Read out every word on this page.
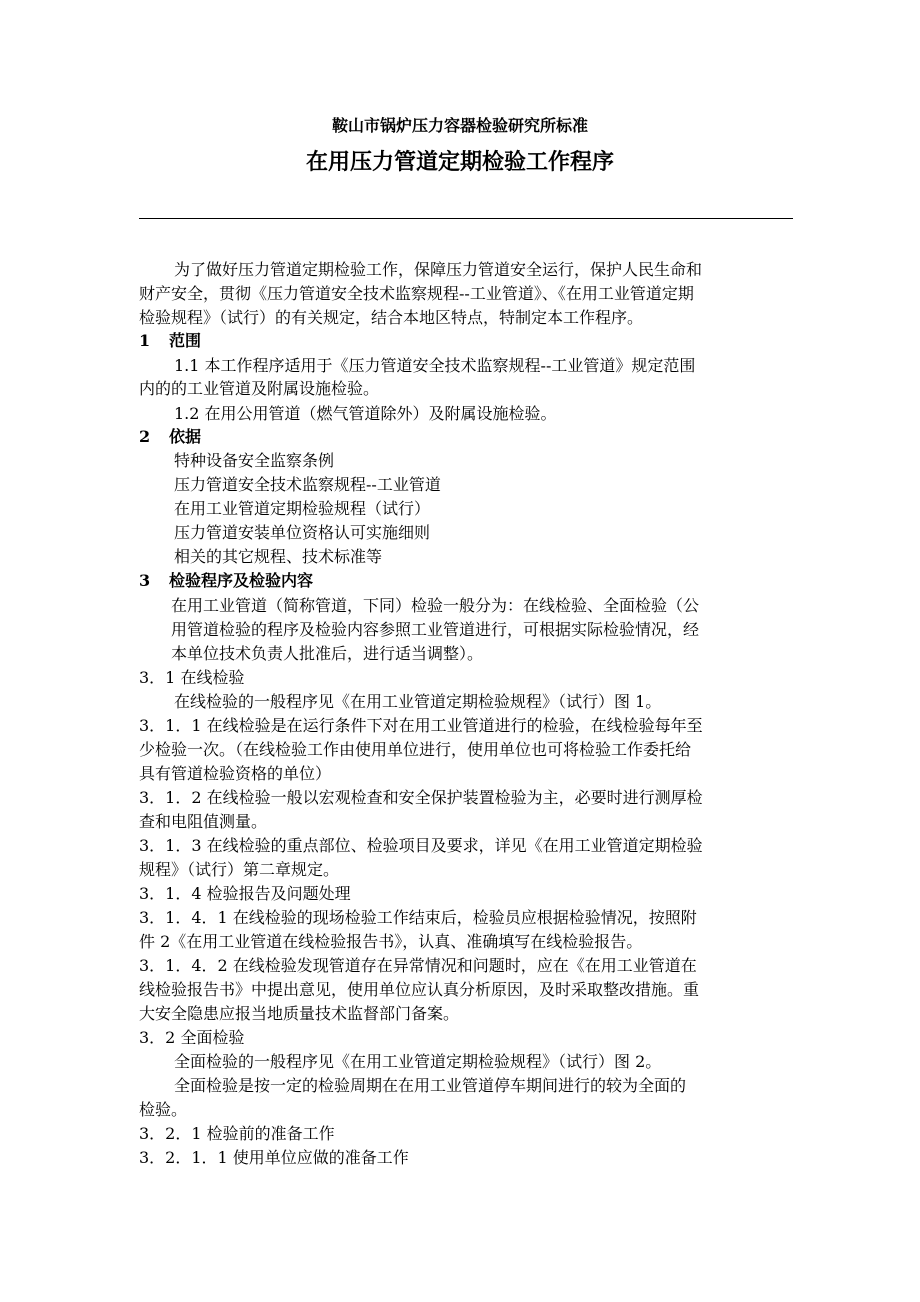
鞍山市锅炉压力容器检验研究所标准
在用压力管道定期检验工作程序
为了做好压力管道定期检验工作，保障压力管道安全运行，保护人民生命和
财产安全，贯彻《压力管道安全技术监察规程--工业管道》、《在用工业管道定期
检验规程》（试行）的有关规定，结合本地区特点，特制定本工作程序。
1 范围
1.1 本工作程序适用于《压力管道安全技术监察规程--工业管道》规定范围
内的的工业管道及附属设施检验。
1.2 在用公用管道（燃气管道除外）及附属设施检验。
2 依据
特种设备安全监察条例
压力管道安全技术监察规程--工业管道
在用工业管道定期检验规程（试行）
压力管道安装单位资格认可实施细则
相关的其它规程、技术标准等
3 检验程序及检验内容
在用工业管道（简称管道，下同）检验一般分为：在线检验、全面检验（公
用管道检验的程序及检验内容参照工业管道进行，可根据实际检验情况，经
本单位技术负责人批准后，进行适当调整）。
3．1 在线检验
在线检验的一般程序见《在用工业管道定期检验规程》（试行）图 1。
3．1．1 在线检验是在运行条件下对在用工业管道进行的检验，在线检验每年至
少检验一次。（在线检验工作由使用单位进行，使用单位也可将检验工作委托给
具有管道检验资格的单位）
3．1．2 在线检验一般以宏观检查和安全保护装置检验为主，必要时进行测厚检
查和电阻值测量。
3．1．3 在线检验的重点部位、检验项目及要求，详见《在用工业管道定期检验
规程》（试行）第二章规定。
3．1．4 检验报告及问题处理
3．1．4．1 在线检验的现场检验工作结束后，检验员应根据检验情况，按照附
件 2《在用工业管道在线检验报告书》，认真、准确填写在线检验报告。
3．1．4．2 在线检验发现管道存在异常情况和问题时，应在《在用工业管道在
线检验报告书》中提出意见，使用单位应认真分析原因，及时采取整改措施。重
大安全隐患应报当地质量技术监督部门备案。
3．2 全面检验
全面检验的一般程序见《在用工业管道定期检验规程》（试行）图 2。
全面检验是按一定的检验周期在在用工业管道停车期间进行的较为全面的
检验。
3．2．1 检验前的准备工作
3．2．1．1 使用单位应做的准备工作
